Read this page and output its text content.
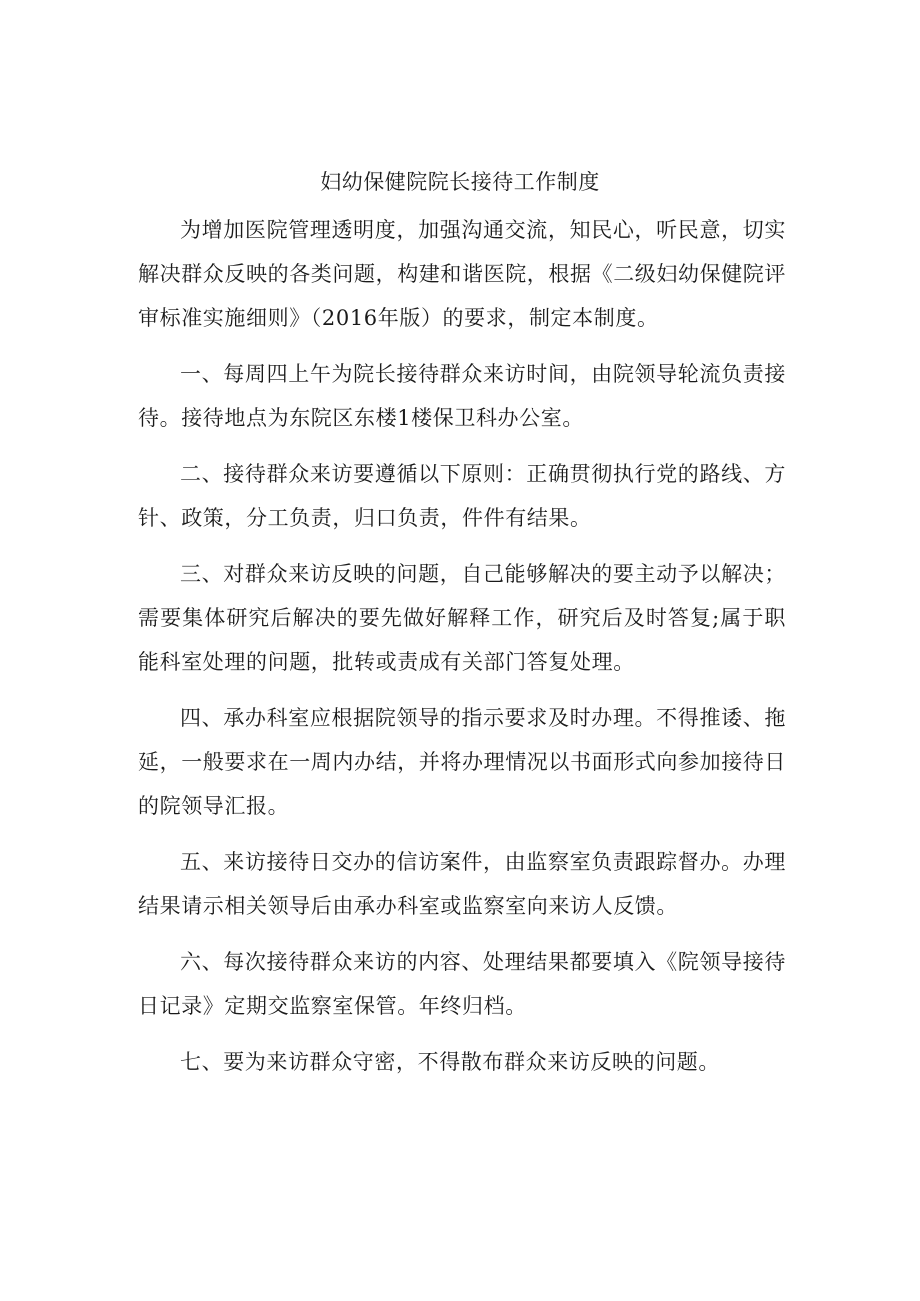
妇幼保健院院长接待工作制度

为增加医院管理透明度，加强沟通交流，知民心，听民意，切实解决群众反映的各类问题，构建和谐医院，根据《二级妇幼保健院评审标准实施细则》（2016年版）的要求，制定本制度。

一、每周四上午为院长接待群众来访时间，由院领导轮流负责接待。接待地点为东院区东楼1楼保卫科办公室。

二、接待群众来访要遵循以下原则：正确贯彻执行党的路线、方针、政策，分工负责，归口负责，件件有结果。

三、对群众来访反映的问题，自己能够解决的要主动予以解决；需要集体研究后解决的要先做好解释工作，研究后及时答复;属于职能科室处理的问题，批转或责成有关部门答复处理。

四、承办科室应根据院领导的指示要求及时办理。不得推诿、拖延，一般要求在一周内办结，并将办理情况以书面形式向参加接待日的院领导汇报。

五、来访接待日交办的信访案件，由监察室负责跟踪督办。办理结果请示相关领导后由承办科室或监察室向来访人反馈。

六、每次接待群众来访的内容、处理结果都要填入《院领导接待日记录》定期交监察室保管。年终归档。

七、要为来访群众守密，不得散布群众来访反映的问题。
